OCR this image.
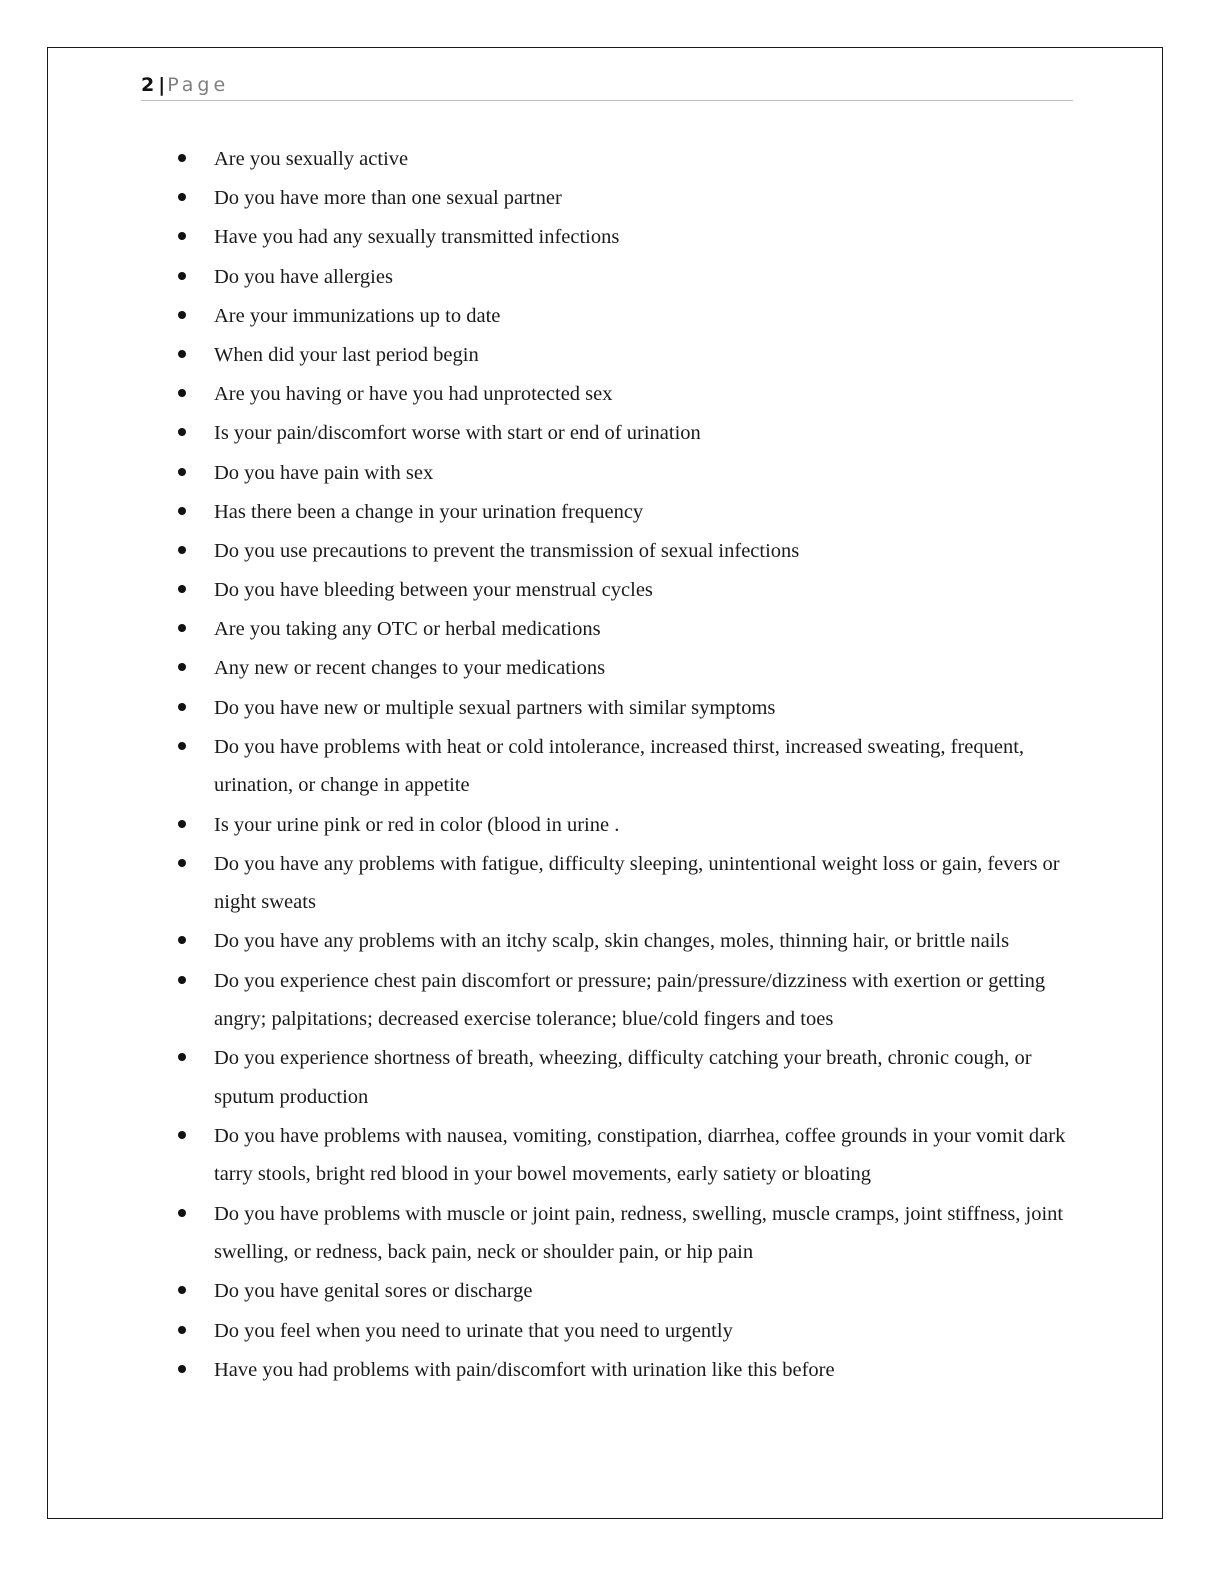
2 | Page
Are you sexually active
Do you have more than one sexual partner
Have you had any sexually transmitted infections
Do you have allergies
Are your immunizations up to date
When did your last period begin
Are you having or have you had unprotected sex
Is your pain/discomfort worse with start or end of urination
Do you have pain with sex
Has there been a change in your urination frequency
Do you use precautions to prevent the transmission of sexual infections
Do you have bleeding between your menstrual cycles
Are you taking any OTC or herbal medications
Any new or recent changes to your medications
Do you have new or multiple sexual partners with similar symptoms
Do you have problems with heat or cold intolerance, increased thirst, increased sweating, frequent, urination, or change in appetite
Is your urine pink or red in color (blood in urine .
Do you have any problems with fatigue, difficulty sleeping, unintentional weight loss or gain, fevers or night sweats
Do you have any problems with an itchy scalp, skin changes, moles, thinning hair, or brittle nails
Do you experience chest pain discomfort or pressure; pain/pressure/dizziness with exertion or getting angry; palpitations; decreased exercise tolerance; blue/cold fingers and toes
Do you experience shortness of breath, wheezing, difficulty catching your breath, chronic cough, or sputum production
Do you have problems with nausea, vomiting, constipation, diarrhea, coffee grounds in your vomit dark tarry stools, bright red blood in your bowel movements, early satiety or bloating
Do you have problems with muscle or joint pain, redness, swelling, muscle cramps, joint stiffness, joint swelling, or redness, back pain, neck or shoulder pain, or hip pain
Do you have genital sores or discharge
Do you feel when you need to urinate that you need to urgently
Have you had problems with pain/discomfort with urination like this before
